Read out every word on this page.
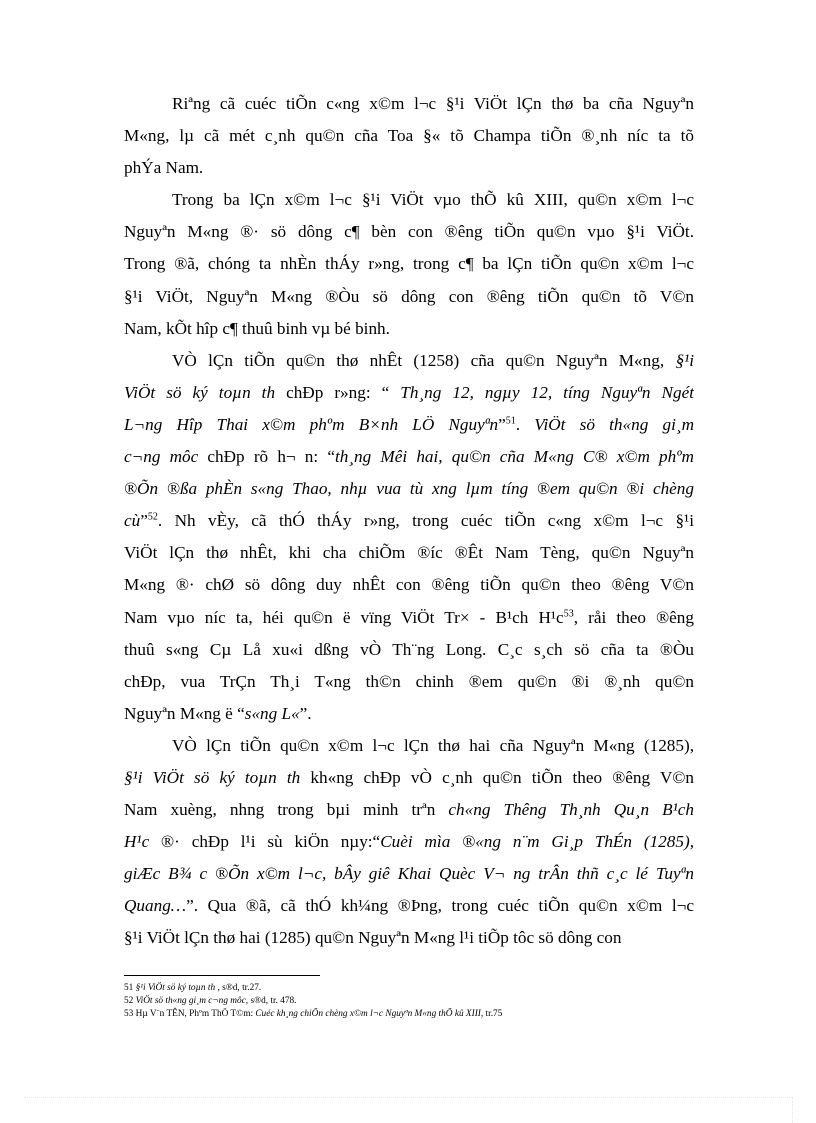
Riªng cã cuéc tiÕn c«ng x©m l¬c §¹i ViÖt lÇn thø ba cña Nguyªn
M«ng, lµ cã mét c¸nh qu©n cña Toa §« tõ Champa tiÕn ®¸nh níc ta tõ
phÝa Nam.
Trong ba lÇn x©m l¬c §¹i ViÖt vµo thÕ kû XIII, qu©n x©m l¬c
Nguyªn M«ng ®· sö dông c¶ bèn con ®êng tiÕn qu©n vµo §¹i ViÖt.
Trong ®ã, chóng ta nhÈn thÁy r»ng, trong c¶ ba lÇn tiÕn qu©n x©m l¬c
§¹i ViÖt, Nguyªn M«ng ®Òu sö dông con ®êng tiÕn qu©n tõ V©n
Nam, kÕt hîp c¶ thuû binh vµ bé binh.
VÒ lÇn tiÕn qu©n thø nhÊt (1258) cña qu©n Nguyªn M«ng, §¹i
ViÖt sö ký toµn th chÐp r»ng: “ Th¸ng 12, ngµy 12, tíng Nguyªn Ngét
L¬ng Hîp Thai x©m phºm B×nh LÖ Nguyªn”$^{51}$. ViÖt sö th«ng gi¸m
c¬ng môc chÐp rõ h¬ n: “th¸ng Mêi hai, qu©n cña M«ng C® x©m phºm
®Õn ®ßa phÈn s«ng Thao, nhµ vua tù xng lµm tíng ®em qu©n ®i chèng
cù”$^{52}$. Nh vÈy, cã thÓ thÁy r»ng, trong cuéc tiÕn c«ng x©m l¬c §¹i
ViÖt lÇn thø nhÊt, khi cha chiÕm ®íc ®Êt Nam Tèng, qu©n Nguyªn
M«ng ®· chØ sö dông duy nhÊt con ®êng tiÕn qu©n theo ®êng V©n
Nam vµo níc ta, héi qu©n ë vïng ViÖt Tr× - B¹ch $H^1c^{53}$, råi theo ®êng
thuû s«ng Cµ Lå xu«i dßng vÒ Th¨ng Long. C¸c s¸ch sö cña ta ®Òu
chÐp, vua TrÇn Th¸i T«ng th©n chinh ®em qu©n ®i ®¸nh qu©n
Nguyªn M«ng ë “s«ng L«”.
VÒ lÇn tiÕn qu©n x©m l¬c lÇn thø hai cña Nguyªn M«ng (1285),
§¹i ViÖt sö ký toµn th kh«ng chÐp vÒ c¸nh qu©n tiÕn theo ®êng V©n
Nam xuèng, nhng trong bµi minh trªn ch«ng Thêng Th¸nh Qu¸n B¹ch
H¹c ®· chÐp l¹i sù kiÖn nµy:“Cuèi mìa ®«ng n¨m Gi¸p ThÉn (1285),
giÆc B¾ c ®Õn x©m l¬c, bÂy giê Khai Quèc V¬ ng trÂn thñ c¸c lé Tuyªn
Quang…”. Qua ®ã, cã thÓ kh¼ng ®Þng, trong cuéc tiÕn qu©n x©m l¬c
§¹i ViÖt lÇn thø hai (1285) qu©n Nguyªn M«ng l¹i tiÕp tôc sö dông con
51 §¹i ViÖt sö ký toµn th , s®d, tr.27.
52 ViÖt sö th«ng gi¸m c¬ng môc, s®d, tr. 478.
53 Hµ V¨n TÊN, Phºm ThÖ T©m: Cuéc kh¸ng chiÕn chèng x©m l¬c Nguyªn M«ng thÕ kû XIII, tr.75
